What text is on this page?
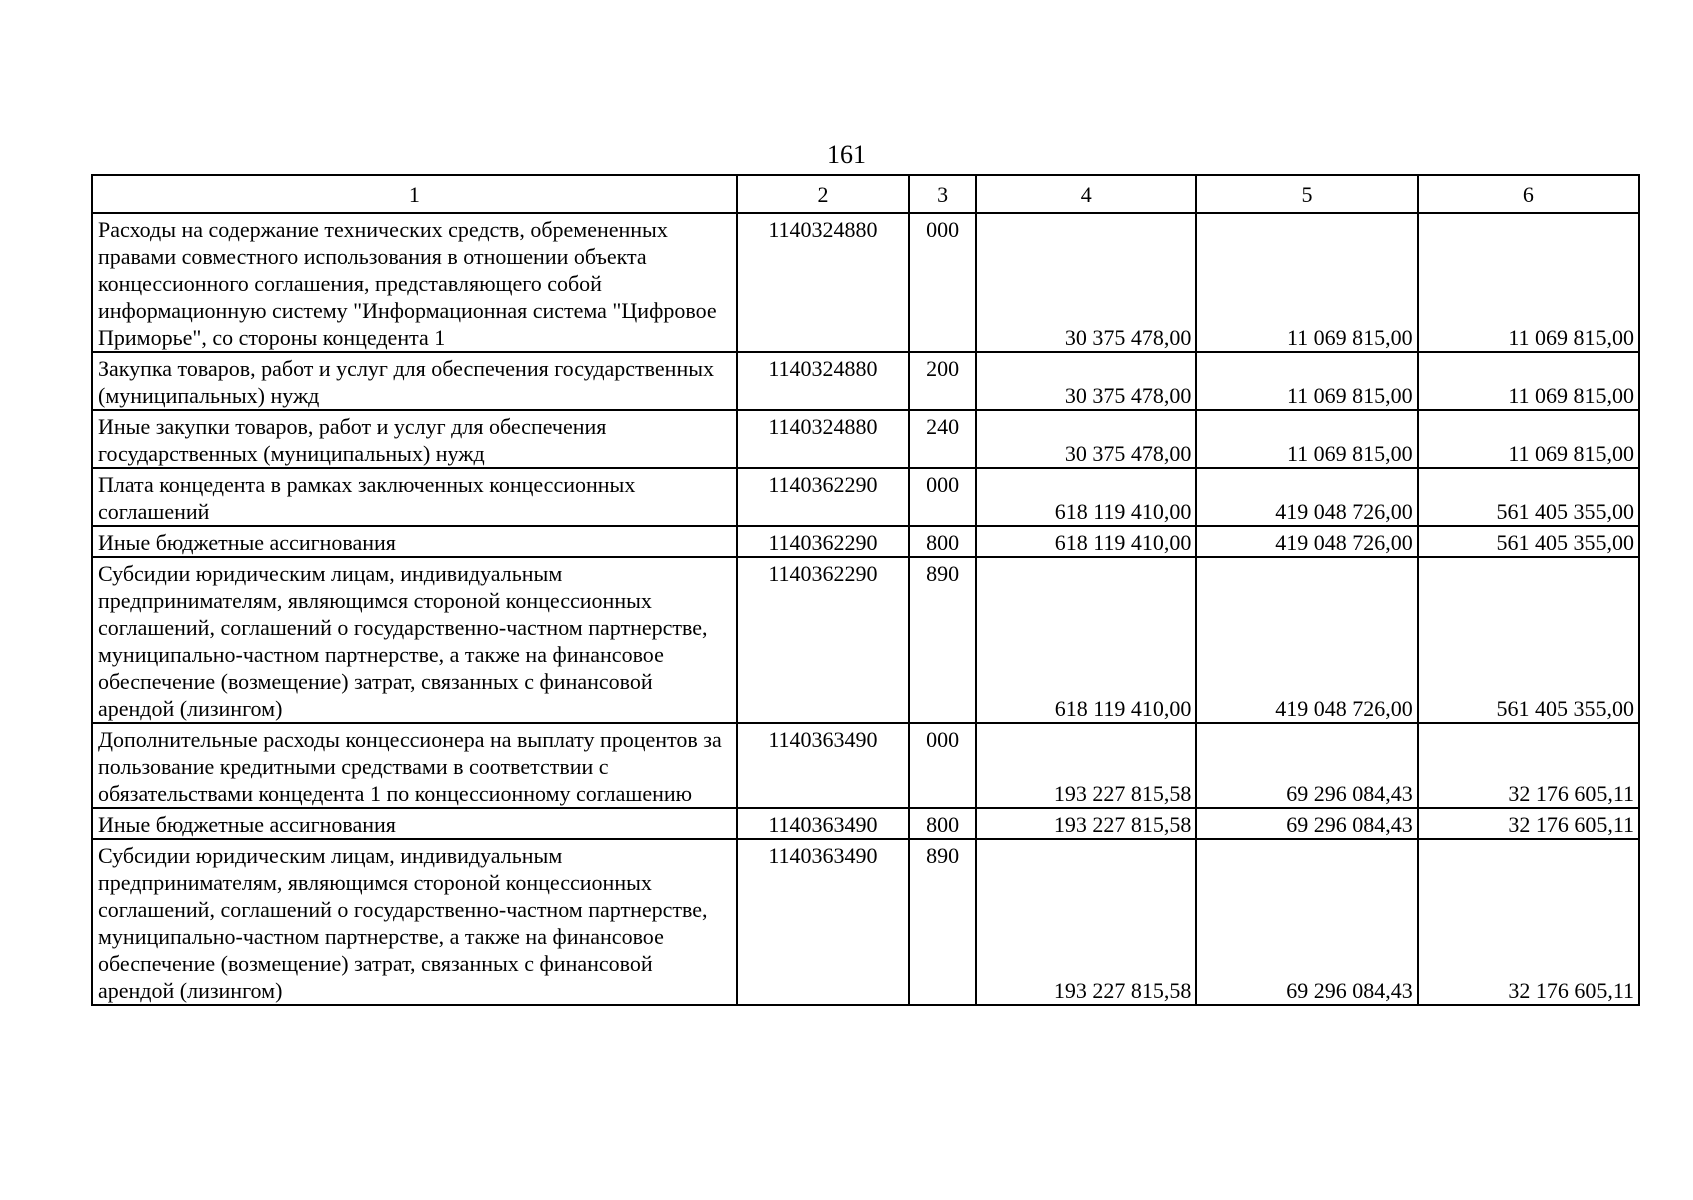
161
1	2	3	4	5	6
Расходы на содержание технических средств, обремененных правами совместного использования в отношении объекта концессионного соглашения, представляющего собой информационную систему "Информационная система "Цифровое Приморье", со стороны концедента 1	1140324880	000	30 375 478,00	11 069 815,00	11 069 815,00
Закупка товаров, работ и услуг для обеспечения государственных (муниципальных) нужд	1140324880	200	30 375 478,00	11 069 815,00	11 069 815,00
Иные закупки товаров, работ и услуг для обеспечения государственных (муниципальных) нужд	1140324880	240	30 375 478,00	11 069 815,00	11 069 815,00
Плата концедента в рамках заключенных концессионных соглашений	1140362290	000	618 119 410,00	419 048 726,00	561 405 355,00
Иные бюджетные ассигнования	1140362290	800	618 119 410,00	419 048 726,00	561 405 355,00
Субсидии юридическим лицам, индивидуальным предпринимателям, являющимся стороной концессионных соглашений, соглашений о государственно-частном партнерстве, муниципально-частном партнерстве, а также на финансовое обеспечение (возмещение) затрат, связанных с финансовой арендой (лизингом)	1140362290	890	618 119 410,00	419 048 726,00	561 405 355,00
Дополнительные расходы концессионера на выплату процентов за пользование кредитными средствами в соответствии с обязательствами концедента 1 по концессионному соглашению	1140363490	000	193 227 815,58	69 296 084,43	32 176 605,11
Иные бюджетные ассигнования	1140363490	800	193 227 815,58	69 296 084,43	32 176 605,11
Субсидии юридическим лицам, индивидуальным предпринимателям, являющимся стороной концессионных соглашений, соглашений о государственно-частном партнерстве, муниципально-частном партнерстве, а также на финансовое обеспечение (возмещение) затрат, связанных с финансовой арендой (лизингом)	1140363490	890	193 227 815,58	69 296 084,43	32 176 605,11
